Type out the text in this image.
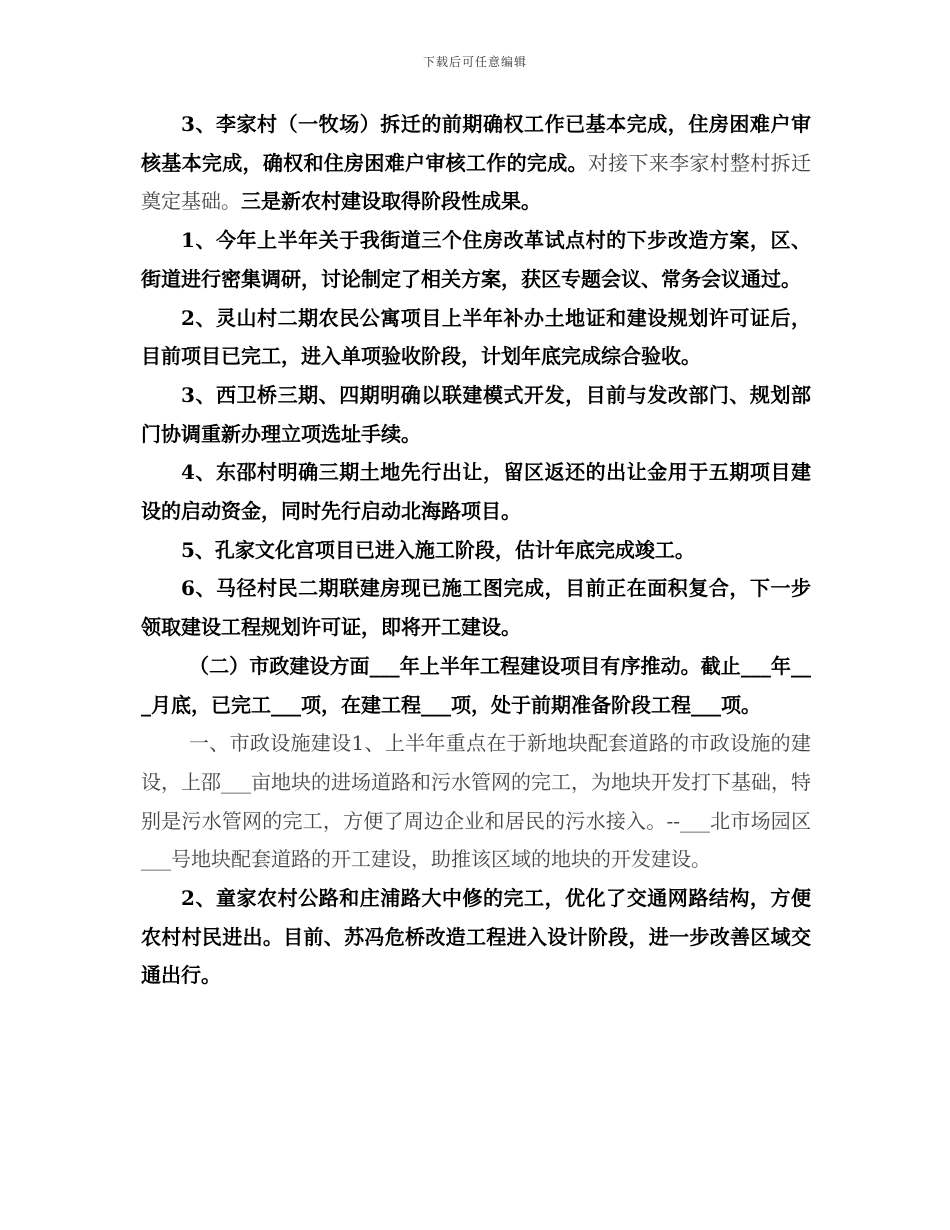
下载后可任意编辑

3、李家村（一牧场）拆迁的前期确权工作已基本完成，住房困难户审核基本完成，确权和住房困难户审核工作的完成。对接下来李家村整村拆迁奠定基础。三是新农村建设取得阶段性成果。

1、今年上半年关于我街道三个住房改革试点村的下步改造方案，区、街道进行密集调研，讨论制定了相关方案，获区专题会议、常务会议通过。

2、灵山村二期农民公寓项目上半年补办土地证和建设规划许可证后，目前项目已完工，进入单项验收阶段，计划年底完成综合验收。

3、西卫桥三期、四期明确以联建模式开发，目前与发改部门、规划部门协调重新办理立项选址手续。

4、东邵村明确三期土地先行出让，留区返还的出让金用于五期项目建设的启动资金，同时先行启动北海路项目。

5、孔家文化宫项目已进入施工阶段，估计年底完成竣工。

6、马径村民二期联建房现已施工图完成，目前正在面积复合，下一步领取建设工程规划许可证，即将开工建设。

（二）市政建设方面___年上半年工程建设项目有序推动。截止___年___月底，已完工___项，在建工程___项，处于前期准备阶段工程___项。

一、市政设施建设1、上半年重点在于新地块配套道路的市政设施的建设，上邵___亩地块的进场道路和污水管网的完工，为地块开发打下基础，特别是污水管网的完工，方便了周边企业和居民的污水接入。--___北市场园区___号地块配套道路的开工建设，助推该区域的地块的开发建设。

2、童家农村公路和庄浦路大中修的完工，优化了交通网路结构，方便农村村民进出。目前、苏冯危桥改造工程进入设计阶段，进一步改善区域交通出行。
